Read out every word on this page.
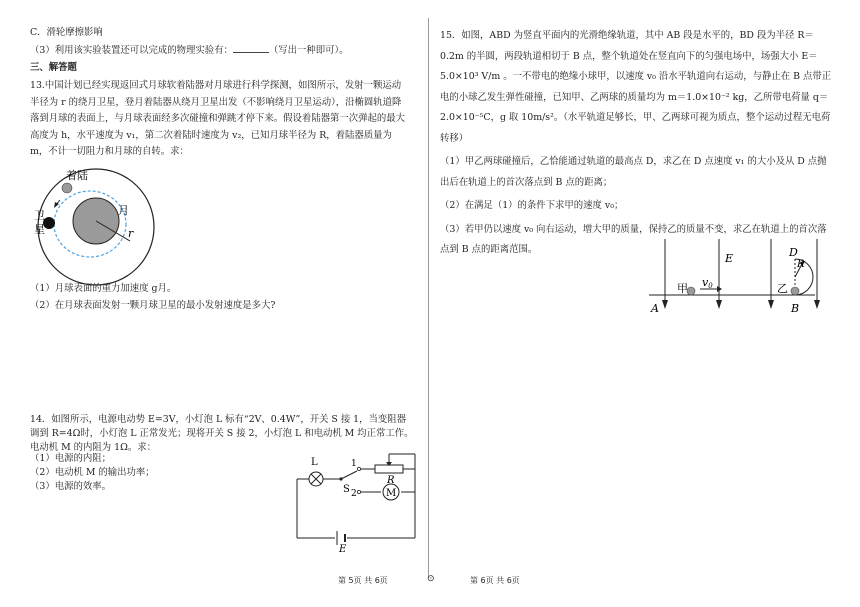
C．滑轮摩擦影响

（3）利用该实验装置还可以完成的物理实验有：	（写出一种即可）。

三、解答题

13.中国计划已经实现返回式月球软着陆器对月球进行科学探测，如图所示，发射一颗运动半径为 r 的绕月卫星，登月着陆器从绕月卫星出发（不影响绕月卫星运动），沿椭圆轨道降落到月球的表面上，与月球表面经多次碰撞和弹跳才停下来。假设着陆器第一次弹起的最大高度为 h，水平速度为 v₁，第二次着陆时速度为 v₂，已知月球半径为 R，着陆器质量为 m，不计一切阻力和月球的自转。求：

着陆
月
卫
星	r

（1）月球表面的重力加速度 g月。

（2）在月球表面发射一颗月球卫星的最小发射速度是多大?

14．如图所示，电源电动势 E=3V，小灯泡 L 标有“2V、0.4W”，开关 S 接 1，当变阻器调到 R=4Ω时，小灯泡 L 正常发光；现将开关 S 接 2，小灯泡 L 和电动机 M 均正常工作。电动机 M 的内阻为 1Ω。求：

（1）电源的内阻；

（2）电动机 M 的输出功率；

（3）电源的效率。

M
L	1
S 2
R
E

15．如图，ABD 为竖直平面内的光滑绝缘轨道，其中 AB 段是水平的，BD 段为半径 R＝0.2m 的半圆，两段轨道相切于 B 点，整个轨道处在竖直向下的匀强电场中，场强大小 E＝5.0×10³ V/m 。一不带电的绝缘小球甲，以速度 v₀ 沿水平轨道向右运动，与静止在 B 点带正电的小球乙发生弹性碰撞，已知甲、乙两球的质量均为 m＝1.0×10⁻² kg，乙所带电荷量 q＝2.0×10⁻⁵C，g 取 10m/s²。（水平轨道足够长，甲、乙两球可视为质点，整个运动过程无电荷转移）

（1）甲乙两球碰撞后，乙恰能通过轨道的最高点 D，求乙在 D 点速度 v₁ 的大小及从 D 点抛出后在轨道上的首次落点到 B 点的距离；

（2）在满足（1）的条件下求甲的速度 v₀；

（3）若甲仍以速度 v₀ 向右运动，增大甲的质量，保持乙的质量不变，求乙在轨道上的首次落点到 B 点的距离范围。

甲 v0
E
乙
D
R
A	B
第 5页 共 6页	⊙	第 6页 共 6页
